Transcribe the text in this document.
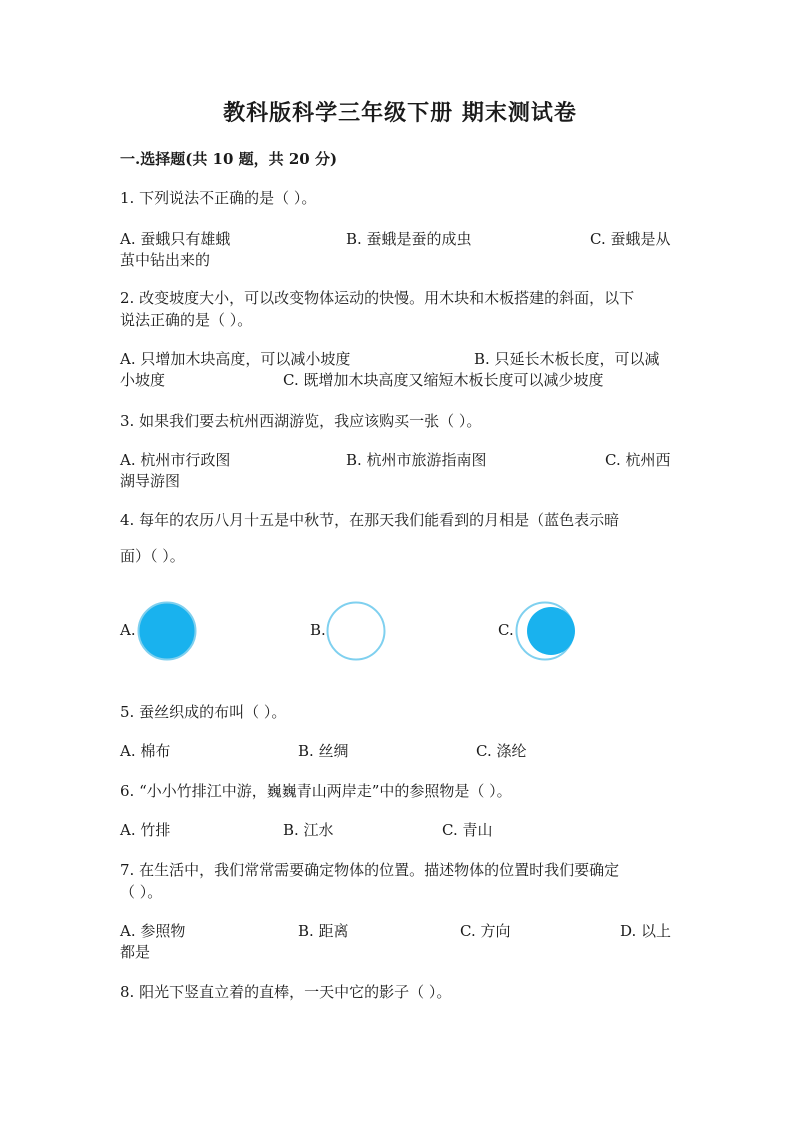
教科版科学三年级下册 期末测试卷
一.选择题(共 10 题，共 20 分)
1. 下列说法不正确的是（ ）。
A. 蚕蛾只有雄蛾	B. 蚕蛾是蚕的成虫	C. 蚕蛾是从
茧中钻出来的
2. 改变坡度大小，可以改变物体运动的快慢。用木块和木板搭建的斜面，以下
说法正确的是（ ）。
A. 只增加木块高度，可以减小坡度	B. 只延长木板长度，可以减
小坡度	C. 既增加木块高度又缩短木板长度可以减少坡度
3. 如果我们要去杭州西湖游览，我应该购买一张（ ）。
A. 杭州市行政图	B. 杭州市旅游指南图	C. 杭州西
湖导游图
4. 每年的农历八月十五是中秋节，在那天我们能看到的月相是（蓝色表示暗
面）（ ）。
A.	B.	C.
5. 蚕丝织成的布叫（ ）。
A. 棉布	B. 丝绸	C. 涤纶
6. “小小竹排江中游，巍巍青山两岸走”中的参照物是（ ）。
A. 竹排	B. 江水	C. 青山
7. 在生活中，我们常常需要确定物体的位置。描述物体的位置时我们要确定
（ ）。
A. 参照物	B. 距离	C. 方向	D. 以上
都是
8. 阳光下竖直立着的直棒，一天中它的影子（ ）。
